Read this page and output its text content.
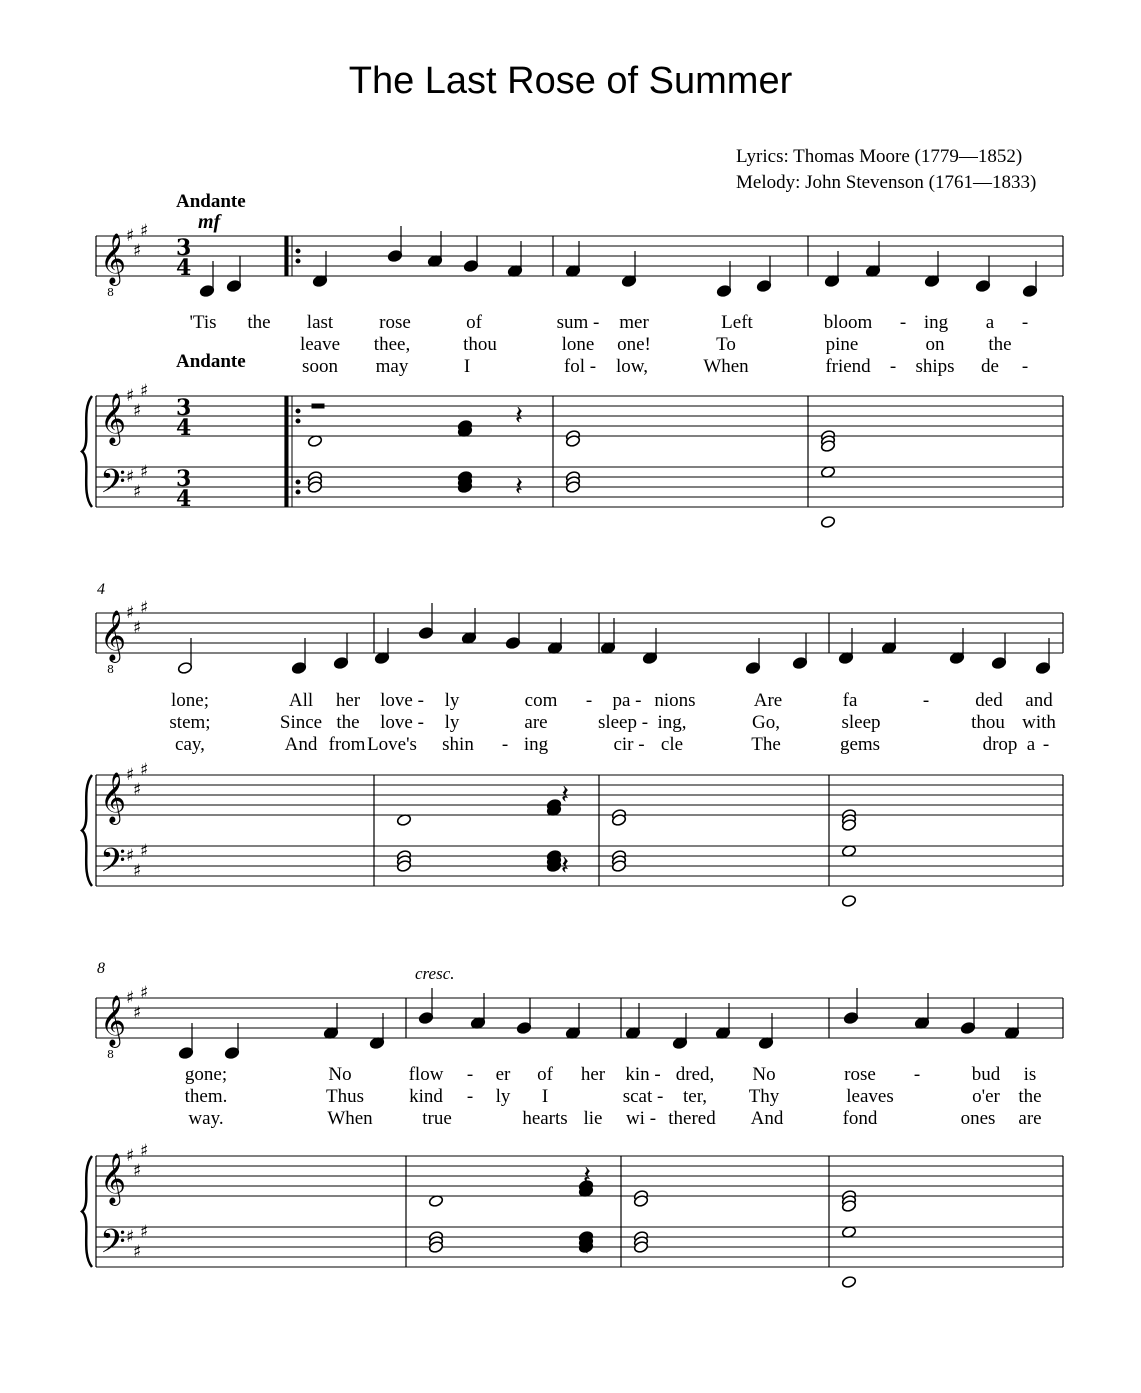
The Last Rose of Summer
Lyrics: Thomas Moore (1779—1852)
Melody: John Stevenson (1761—1833)
Andante
Andante
mf
cresc.
4
8
'Tis the last rose	of	sum - mer	Left	bloom - ing a -
leave thee,	thou	lone one!	To	pine	on the
soon may	I	fol - low,	When	friend - ships de -
lone;	All her love - ly	com - pa - nions	Are	fa	- ded and
stem;	Since the love - ly	are	sleep - ing,	Go,	sleep	thou with
cay,	And from Love's shin - ing	cir - cle	The	gems	drop a -
gone;	No	flow - er of her kin - dred, No	rose -	bud is
them.	Thus kind - ly I	scat - ter, Thy	leaves	o'er the
way.	When	true	hearts lie wi - thered And	fond	ones are
𝄞
8
𝄞
𝄢
♯
♯
♯
♯
♯
♯
♯
♯
♯
3
4
3
4
3
4
𝄞
8
𝄞
𝄢
♯
♯
♯
♯
♯
♯
♯
♯
♯
𝄞
8
𝄞
𝄢
♯
♯
♯
♯
♯
♯
♯
♯
♯
𝄽
𝄽
𝄽
𝄽
𝄽
𝄽
